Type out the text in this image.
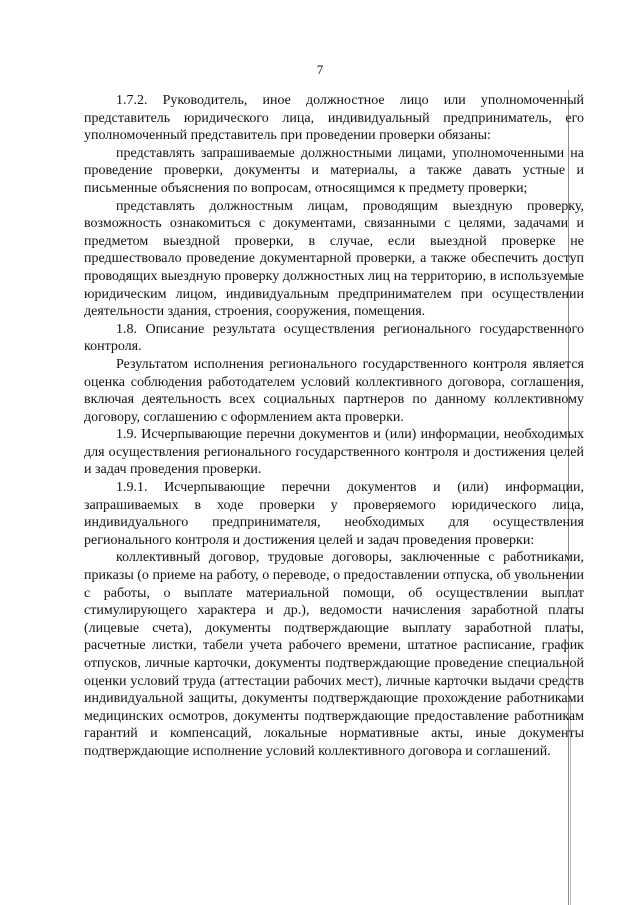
7

1.7.2. Руководитель, иное должностное лицо или уполномоченный представитель юридического лица, индивидуальный предприниматель, его уполномоченный представитель при проведении проверки обязаны:

представлять запрашиваемые должностными лицами, уполномоченными на проведение проверки, документы и материалы, а также давать устные и письменные объяснения по вопросам, относящимся к предмету проверки;

представлять должностным лицам, проводящим выездную проверку, возможность ознакомиться с документами, связанными с целями, задачами и предметом выездной проверки, в случае, если выездной проверке не предшествовало проведение документарной проверки, а также обеспечить доступ проводящих выездную проверку должностных лиц на территорию, в используемые юридическим лицом, индивидуальным предпринимателем при осуществлении деятельности здания, строения, сооружения, помещения.

1.8. Описание результата осуществления регионального государственного контроля.

Результатом исполнения регионального государственного контроля является оценка соблюдения работодателем условий коллективного договора, соглашения, включая деятельность всех социальных партнеров по данному коллективному договору, соглашению с оформлением акта проверки.

1.9. Исчерпывающие перечни документов и (или) информации, необходимых для осуществления регионального государственного контроля и достижения целей и задач проведения проверки.

1.9.1. Исчерпывающие перечни документов и (или) информации, запрашиваемых в ходе проверки у проверяемого юридического лица, индивидуального предпринимателя, необходимых для осуществления регионального контроля и достижения целей и задач проведения проверки:

коллективный договор, трудовые договоры, заключенные с работниками, приказы (о приеме на работу, о переводе, о предоставлении отпуска, об увольнении с работы, о выплате материальной помощи, об осуществлении выплат стимулирующего характера и др.), ведомости начисления заработной платы (лицевые счета), документы подтверждающие выплату заработной платы, расчетные листки, табели учета рабочего времени, штатное расписание, график отпусков, личные карточки, документы подтверждающие проведение специальной оценки условий труда (аттестации рабочих мест), личные карточки выдачи средств индивидуальной защиты, документы подтверждающие прохождение работниками медицинских осмотров, документы подтверждающие предоставление работникам гарантий и компенсаций, локальные нормативные акты, иные документы подтверждающие исполнение условий коллективного договора и соглашений.
